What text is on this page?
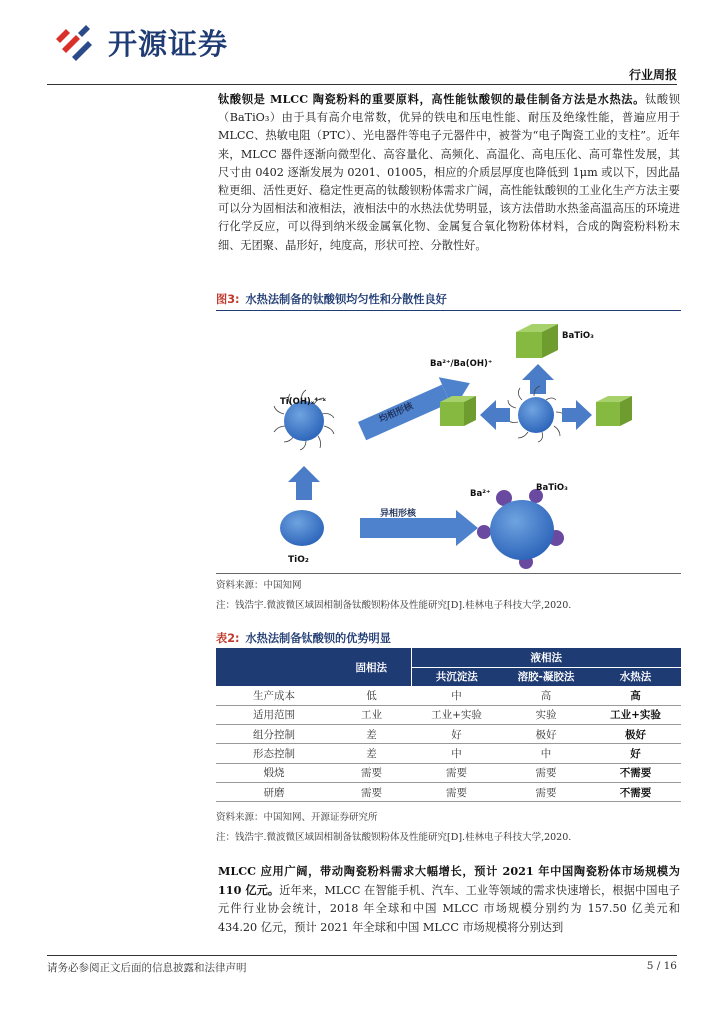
开源证券
行业周报
钛酸钡是 MLCC 陶瓷粉料的重要原料，高性能钛酸钡的最佳制备方法是水热法。钛酸钡（BaTiO₃）由于具有高介电常数，优异的铁电和压电性能、耐压及绝缘性能，普遍应用于 MLCC、热敏电阻（PTC）、光电器件等电子元器件中，被誉为“电子陶瓷工业的支柱”。近年来，MLCC 器件逐渐向微型化、高容量化、高频化、高温化、高电压化、高可靠性发展，其尺寸由 0402 逐渐发展为 0201、01005，相应的介质层厚度也降低到 1μm 或以下，因此晶粒更细、活性更好、稳定性更高的钛酸钡粉体需求广阔，高性能钛酸钡的工业化生产方法主要可以分为固相法和液相法，液相法中的水热法优势明显，该方法借助水热釜高温高压的环境进行化学反应，可以得到纳米级金属氧化物、金属复合氧化物粉体材料，合成的陶瓷粉料粉末细、无团聚、晶形好，纯度高，形状可控、分散性好。
图3: 水热法制备的钛酸钡均匀性和分散性良好
Ti(OH)ₓ⁴⁻ˣ
TiO₂
均相形核
异相形核
Ba²⁺/Ba(OH)⁺
BaTiO₃
Ba²⁺
BaTiO₃
资料来源：中国知网
注：钱浩宇.微波微区域固相制备钛酸钡粉体及性能研究[D].桂林电子科技大学,2020.
表2: 水热法制备钛酸钡的优势明显
	固相法	液相法		
		共沉淀法	溶胶-凝胶法	水热法
生产成本	低	中	高	高
适用范围	工业	工业+实验	实验	工业+实验
组分控制	差	好	极好	极好
形态控制	差	中	中	好
煅烧	需要	需要	需要	不需要
研磨	需要	需要	需要	不需要
资料来源：中国知网、开源证券研究所
注：钱浩宇.微波微区域固相制备钛酸钡粉体及性能研究[D].桂林电子科技大学,2020.
MLCC 应用广阔，带动陶瓷粉料需求大幅增长，预计 2021 年中国陶瓷粉体市场规模为 110 亿元。近年来，MLCC 在智能手机、汽车、工业等领域的需求快速增长，根据中国电子元件行业协会统计，2018 年全球和中国 MLCC 市场规模分别约为 157.50 亿美元和 434.20 亿元，预计 2021 年全球和中国 MLCC 市场规模将分别达到
请务必参阅正文后面的信息披露和法律声明	5 / 16
